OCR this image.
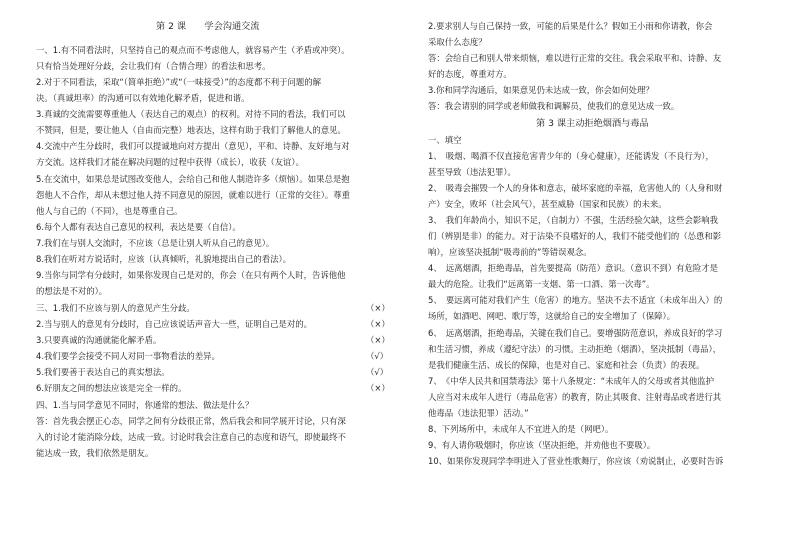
第 2 课　　学会沟通交流
一、1.有不同看法时，只坚持自己的观点而不考虑他人，就容易产生（矛盾或冲突）。
只有恰当处理好分歧，会让我们有（合情合理）的看法和思考。
2.对于不同看法，采取“（简单拒绝）”或“（一味接受）”的态度都不利于问题的解
决。（真诚坦率）的沟通可以有效地化解矛盾，促进和谐。
3.真诚的交流需要尊重他人（表达自己的观点）的权利。对待不同的看法，我们可以
不赞同，但是，要让他人（自由而完整）地表达，这样有助于我们了解他人的意见。
4.交流中产生分歧时，我们可以提诚地向对方提出（意见），平和、诗静、友好地与对
方交流。这样我们才能在解决问题的过程中获得（成长），收获（友谊）。
5.在交流中，如果总是试图改变他人，会给自己和他人制造许多（烦恼）。如果总是抱
怨他人不合作，却从未想过他人持不同意见的原因，就难以进行（正常的交往）。尊重
他人与自己的（不同），也是尊重自己。
6.每个人都有表达自己意见的权利，表达是要（自信）。
7.我们在与别人交流时，不应该（总是让别人听从自己的意见）。
8.我们在听对方说话时，应该（认真倾听，礼貌地提出自己的看法）。
9.当你与同学有分歧时，如果你发现自己是对的，你会（在只有两个人时，告诉他他
的想法是不对的）。
三、1.我们不应该与别人的意见产生分歧。	（×）
2.当与别人的意见有分歧时，自己应该说话声音大一些，证明自己是对的。	（×）
3.只要真诚的沟通就能化解矛盾。	（×）
4.我们要学会接受不同人对同一事物看法的差异。	（√）
5.我们要善于表达自己的真实想法。	（√）
6.好朋友之间的想法应该是完全一样的。	（×）
四、1.当与同学意见不同时，你通常的想法、做法是什么？
答：首先我会摆正心态，同学之间有分歧很正常，然后我会和同学展开讨论，只有深
入的讨论才能消除分歧，达成一致。讨论时我会注意自己的态度和语气，即使最终不
能达成一致，我们依然是朋友。
2.要求别人与自己保持一致，可能的后果是什么？假如王小雨和你请教，你会
采取什么态度？
答：会给自己和别人带来烦恼，难以进行正常的交往。我会采取平和、诗静、友
好的态度，尊重对方。
3.你和同学沟通后，如果意见仍未达成一致，你会如何处理？
答：我会请别的同学或老师做我和调解员，使我们的意见达成一致。
第 3 课主动拒绝烟酒与毒品
一、填空
1、　吸烟、喝酒不仅直接危害青少年的（身心健康），还能诱发（不良行为），
甚至导致（违法犯罪）。
2、　吸毒会摧毁一个人的身体和意志，破坏家庭的幸福，危害他人的（人身和财
产）安全，败坏（社会风气），甚至威胁（国家和民族）的未来。
3、　我们年龄尚小，知识不足，（自制力）不强，生活经验欠缺，这些会影响我
们（辨别是非）的能力。对于沾染不良嗜好的人，我们不能受他们的（怂恿和影
响），应该坚决抵制“吸毒前的”等错误观念。
4、　远离烟酒，拒绝毒品，首先要提高（防范）意识。（意识不到）有危险才是
最大的危险。让我们“远离第一支烟、第一口酒、第一次毒”。
5、　要远离可能对我们产生（危害）的地方。坚决不去不适宜（未成年出入）的
场所，如酒吧、网吧、歌厅等，这就给自己的安全增加了（保障）。
6、　远离烟酒，拒绝毒品，关键在我们自己。要增强防范意识，养成良好的学习
和生活习惯，养成（遵纪守法）的习惯。主动拒绝（烟酒），坚决抵制（毒品），
是我们健康生活、成长的保障，也是对自己、家庭和社会（负责）的表现。
7、　《中华人民共和国禁毒法》第十八条规定：“未成年人的父母或者其他监护
人应当对未成年人进行（毒品危害）的教育，防止其吸食、注射毒品或者进行其
他毒品（违法犯罪）活动。”
8、下列场所中，未成年人不宜进入的是（网吧）。
9、有人请你吸烟时，你应该（坚决拒绝，并劝他也不要吸）。
10、如果你发现同学李明进入了营业性歌舞厅，你应该（劝说制止，必要时告诉
